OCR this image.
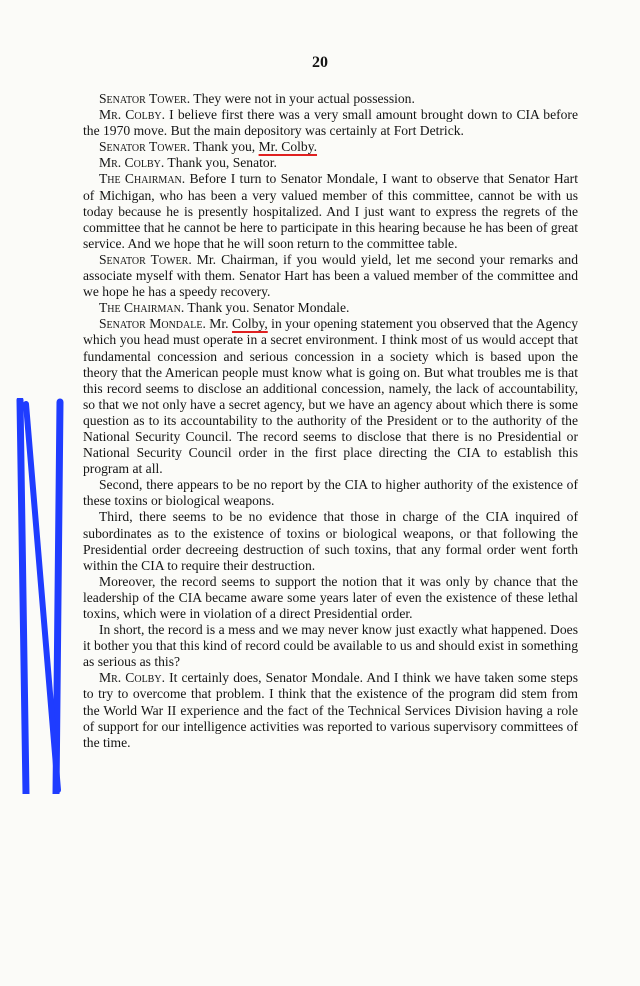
20

Senator Tower. They were not in your actual possession.

Mr. Colby. I believe first there was a very small amount brought down to CIA before the 1970 move. But the main depository was certainly at Fort Detrick.

Senator Tower. Thank you, Mr. Colby.

Mr. Colby. Thank you, Senator.

The Chairman. Before I turn to Senator Mondale, I want to observe that Senator Hart of Michigan, who has been a very valued member of this committee, cannot be with us today because he is presently hospitalized. And I just want to express the regrets of the committee that he cannot be here to participate in this hearing because he has been of great service. And we hope that he will soon return to the committee table.

Senator Tower. Mr. Chairman, if you would yield, let me second your remarks and associate myself with them. Senator Hart has been a valued member of the committee and we hope he has a speedy recovery.

The Chairman. Thank you. Senator Mondale.

Senator Mondale. Mr. Colby, in your opening statement you observed that the Agency which you head must operate in a secret environment. I think most of us would accept that fundamental concession and serious concession in a society which is based upon the theory that the American people must know what is going on. But what troubles me is that this record seems to disclose an additional concession, namely, the lack of accountability, so that we not only have a secret agency, but we have an agency about which there is some question as to its accountability to the authority of the President or to the authority of the National Security Council. The record seems to disclose that there is no Presidential or National Security Council order in the first place directing the CIA to establish this program at all.

Second, there appears to be no report by the CIA to higher authority of the existence of these toxins or biological weapons.

Third, there seems to be no evidence that those in charge of the CIA inquired of subordinates as to the existence of toxins or biological weapons, or that following the Presidential order decreeing destruction of such toxins, that any formal order went forth within the CIA to require their destruction.

Moreover, the record seems to support the notion that it was only by chance that the leadership of the CIA became aware some years later of even the existence of these lethal toxins, which were in violation of a direct Presidential order.

In short, the record is a mess and we may never know just exactly what happened. Does it bother you that this kind of record could be available to us and should exist in something as serious as this?

Mr. Colby. It certainly does, Senator Mondale. And I think we have taken some steps to try to overcome that problem. I think that the existence of the program did stem from the World War II experience and the fact of the Technical Services Division having a role of support for our intelligence activities was reported to various supervisory committees of the time.
